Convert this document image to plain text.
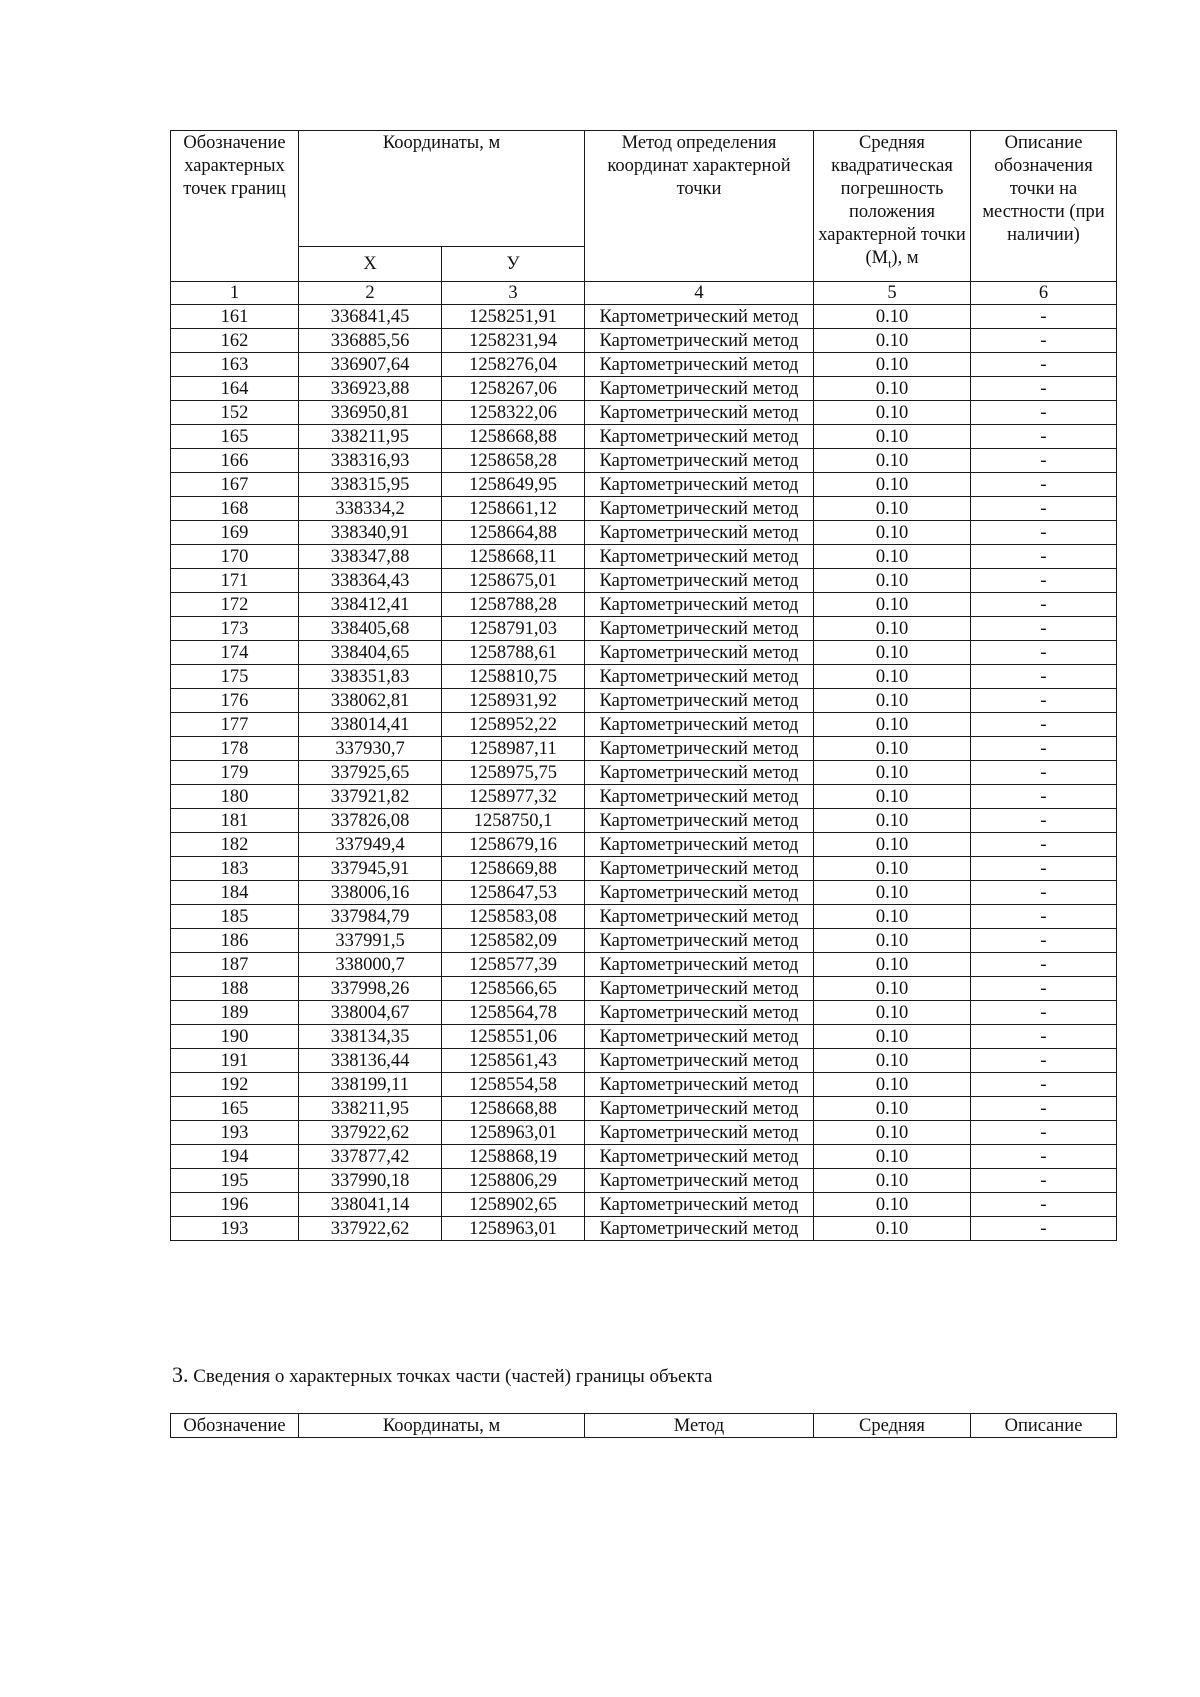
Обозначение характерных точек границ	Координаты, м		Метод определения координат характерной точки	Средняя квадратическая погрешность положения характерной точки $(M_t)$, м	Описание обозначения точки на местности (при наличии)
	X	У			
1	2	3	4	5	6
161	336841,45	1258251,91	Картометрический метод	0.10	-
162	336885,56	1258231,94	Картометрический метод	0.10	-
163	336907,64	1258276,04	Картометрический метод	0.10	-
164	336923,88	1258267,06	Картометрический метод	0.10	-
152	336950,81	1258322,06	Картометрический метод	0.10	-
165	338211,95	1258668,88	Картометрический метод	0.10	-
166	338316,93	1258658,28	Картометрический метод	0.10	-
167	338315,95	1258649,95	Картометрический метод	0.10	-
168	338334,2	1258661,12	Картометрический метод	0.10	-
169	338340,91	1258664,88	Картометрический метод	0.10	-
170	338347,88	1258668,11	Картометрический метод	0.10	-
171	338364,43	1258675,01	Картометрический метод	0.10	-
172	338412,41	1258788,28	Картометрический метод	0.10	-
173	338405,68	1258791,03	Картометрический метод	0.10	-
174	338404,65	1258788,61	Картометрический метод	0.10	-
175	338351,83	1258810,75	Картометрический метод	0.10	-
176	338062,81	1258931,92	Картометрический метод	0.10	-
177	338014,41	1258952,22	Картометрический метод	0.10	-
178	337930,7	1258987,11	Картометрический метод	0.10	-
179	337925,65	1258975,75	Картометрический метод	0.10	-
180	337921,82	1258977,32	Картометрический метод	0.10	-
181	337826,08	1258750,1	Картометрический метод	0.10	-
182	337949,4	1258679,16	Картометрический метод	0.10	-
183	337945,91	1258669,88	Картометрический метод	0.10	-
184	338006,16	1258647,53	Картометрический метод	0.10	-
185	337984,79	1258583,08	Картометрический метод	0.10	-
186	337991,5	1258582,09	Картометрический метод	0.10	-
187	338000,7	1258577,39	Картометрический метод	0.10	-
188	337998,26	1258566,65	Картометрический метод	0.10	-
189	338004,67	1258564,78	Картометрический метод	0.10	-
190	338134,35	1258551,06	Картометрический метод	0.10	-
191	338136,44	1258561,43	Картометрический метод	0.10	-
192	338199,11	1258554,58	Картометрический метод	0.10	-
165	338211,95	1258668,88	Картометрический метод	0.10	-
193	337922,62	1258963,01	Картометрический метод	0.10	-
194	337877,42	1258868,19	Картометрический метод	0.10	-
195	337990,18	1258806,29	Картометрический метод	0.10	-
196	338041,14	1258902,65	Картометрический метод	0.10	-
193	337922,62	1258963,01	Картометрический метод	0.10	-
3. Сведения о характерных точках части (частей) границы объекта
Обозначение	Координаты, м	Метод	Средняя	Описание
